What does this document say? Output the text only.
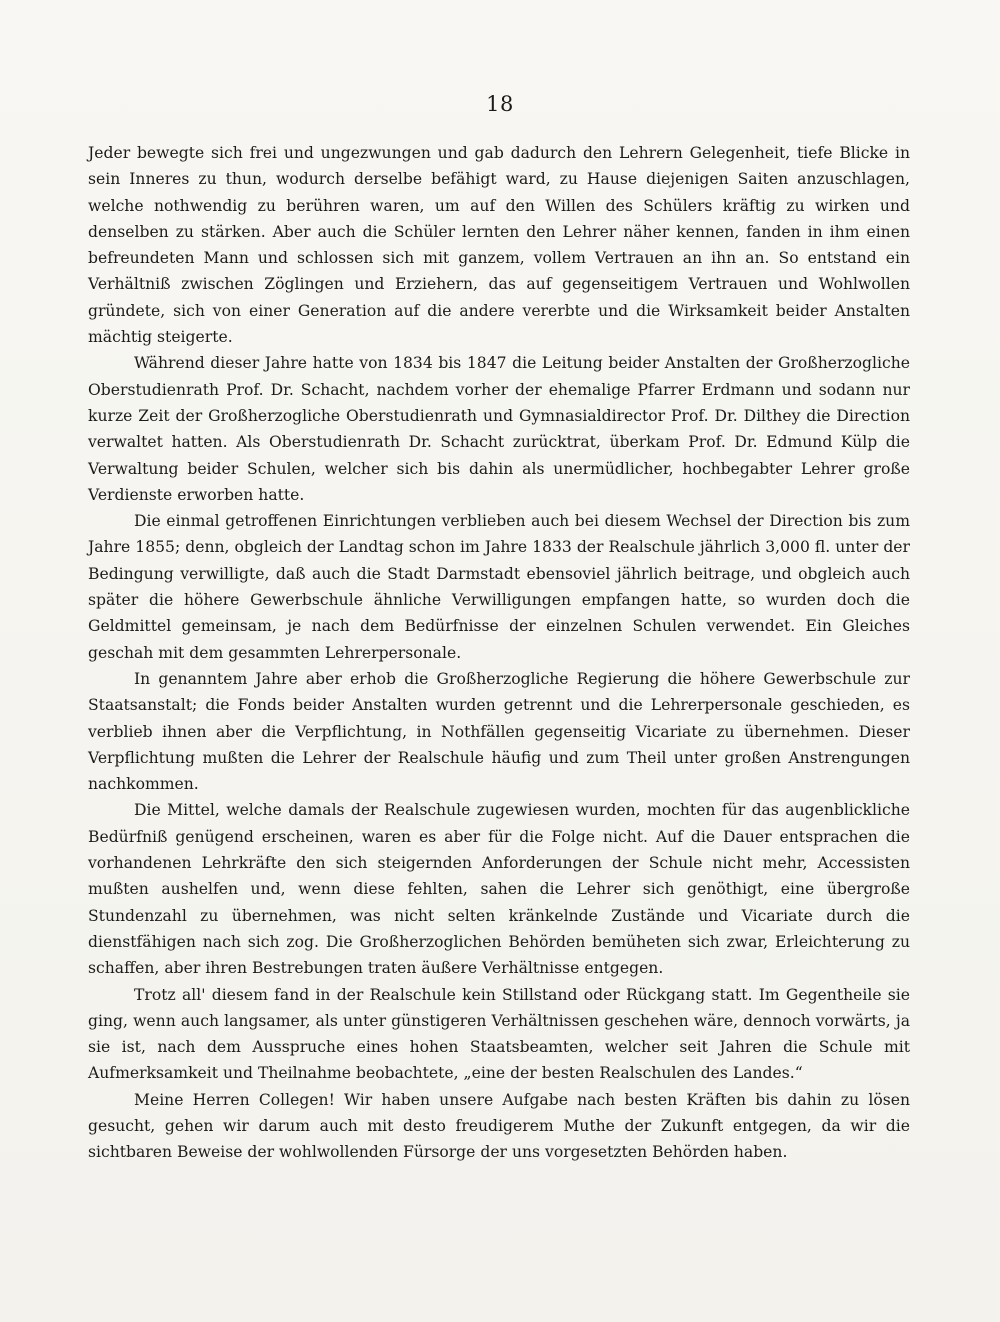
18

Jeder bewegte sich frei und ungezwungen und gab dadurch den Lehrern Gelegenheit, tiefe Blicke in sein Inneres zu thun, wodurch derselbe befähigt ward, zu Hause diejenigen Saiten anzuschlagen, welche nothwendig zu berühren waren, um auf den Willen des Schülers kräftig zu wirken und denselben zu stärken. Aber auch die Schüler lernten den Lehrer näher kennen, fanden in ihm einen befreundeten Mann und schlossen sich mit ganzem, vollem Vertrauen an ihn an. So entstand ein Verhältniß zwischen Zöglingen und Erziehern, das auf gegenseitigem Vertrauen und Wohlwollen gründete, sich von einer Generation auf die andere vererbte und die Wirksamkeit beider Anstalten mächtig steigerte.

Während dieser Jahre hatte von 1834 bis 1847 die Leitung beider Anstalten der Großherzogliche Oberstudienrath Prof. Dr. Schacht, nachdem vorher der ehemalige Pfarrer Erdmann und sodann nur kurze Zeit der Großherzogliche Oberstudienrath und Gymnasialdirector Prof. Dr. Dilthey die Direction verwaltet hatten. Als Oberstudienrath Dr. Schacht zurücktrat, überkam Prof. Dr. Edmund Külp die Verwaltung beider Schulen, welcher sich bis dahin als unermüdlicher, hochbegabter Lehrer große Verdienste erworben hatte.

Die einmal getroffenen Einrichtungen verblieben auch bei diesem Wechsel der Direction bis zum Jahre 1855; denn, obgleich der Landtag schon im Jahre 1833 der Realschule jährlich 3,000 fl. unter der Bedingung verwilligte, daß auch die Stadt Darmstadt ebensoviel jährlich beitrage, und obgleich auch später die höhere Gewerbschule ähnliche Verwilligungen empfangen hatte, so wurden doch die Geldmittel gemeinsam, je nach dem Bedürfnisse der einzelnen Schulen verwendet. Ein Gleiches geschah mit dem gesammten Lehrerpersonale.

In genanntem Jahre aber erhob die Großherzogliche Regierung die höhere Gewerbschule zur Staatsanstalt; die Fonds beider Anstalten wurden getrennt und die Lehrerpersonale geschieden, es verblieb ihnen aber die Verpflichtung, in Nothfällen gegenseitig Vicariate zu übernehmen. Dieser Verpflichtung mußten die Lehrer der Realschule häufig und zum Theil unter großen Anstrengungen nachkommen.

Die Mittel, welche damals der Realschule zugewiesen wurden, mochten für das augenblickliche Bedürfniß genügend erscheinen, waren es aber für die Folge nicht. Auf die Dauer entsprachen die vorhandenen Lehrkräfte den sich steigernden Anforderungen der Schule nicht mehr, Accessisten mußten aushelfen und, wenn diese fehlten, sahen die Lehrer sich genöthigt, eine übergroße Stundenzahl zu übernehmen, was nicht selten kränkelnde Zustände und Vicariate durch die dienstfähigen nach sich zog. Die Großherzoglichen Behörden bemüheten sich zwar, Erleichterung zu schaffen, aber ihren Bestrebungen traten äußere Verhältnisse entgegen.

Trotz all' diesem fand in der Realschule kein Stillstand oder Rückgang statt. Im Gegentheile sie ging, wenn auch langsamer, als unter günstigeren Verhältnissen geschehen wäre, dennoch vorwärts, ja sie ist, nach dem Ausspruche eines hohen Staatsbeamten, welcher seit Jahren die Schule mit Aufmerksamkeit und Theilnahme beobachtete, „eine der besten Realschulen des Landes.“

Meine Herren Collegen! Wir haben unsere Aufgabe nach besten Kräften bis dahin zu lösen gesucht, gehen wir darum auch mit desto freudigerem Muthe der Zukunft entgegen, da wir die sichtbaren Beweise der wohlwollenden Fürsorge der uns vorgesetzten Behörden haben.
